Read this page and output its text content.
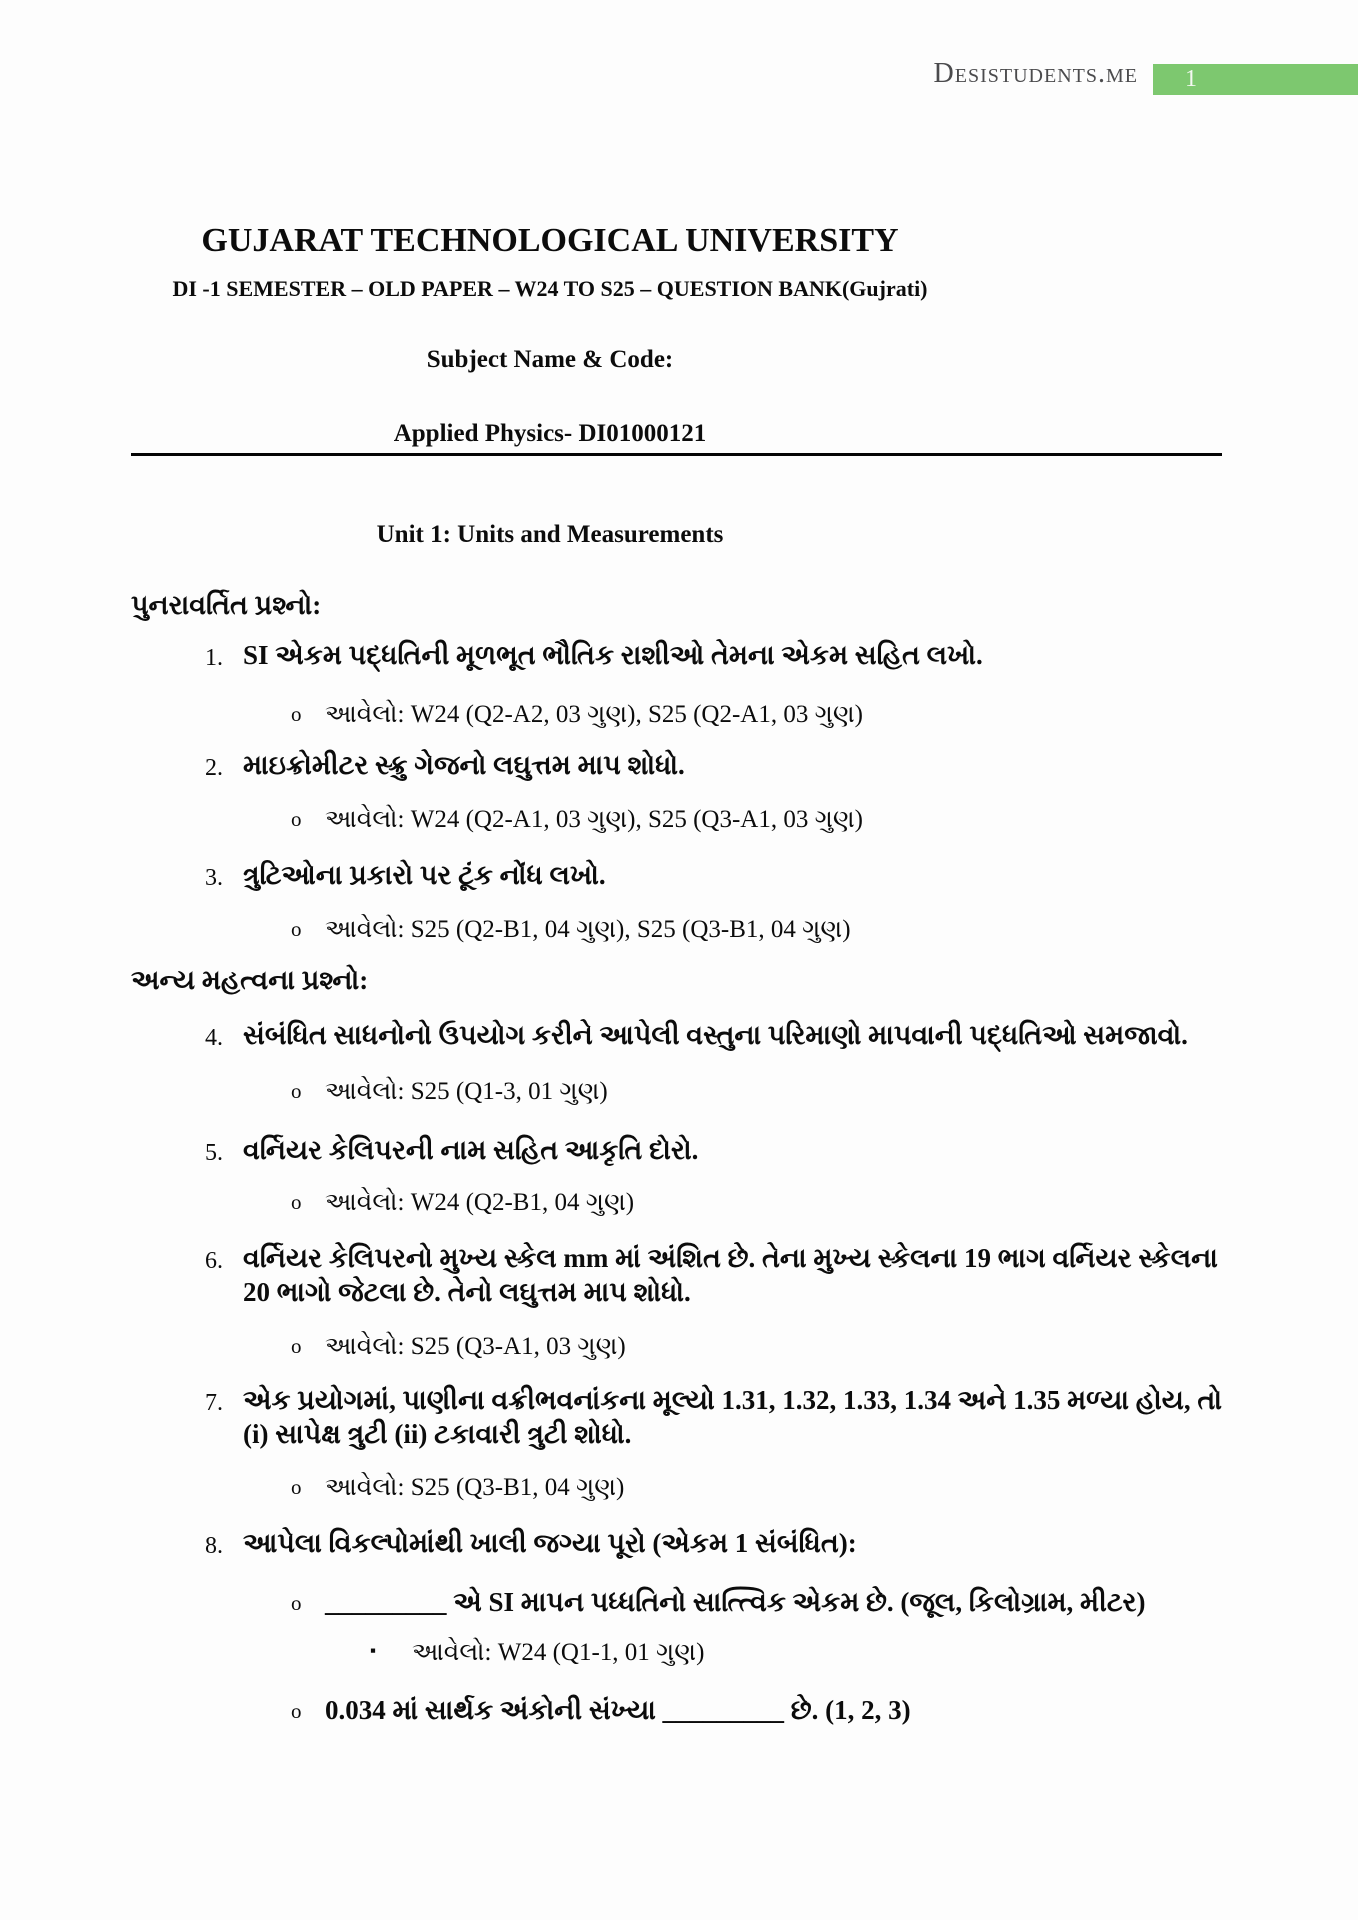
Desistudents.me	1
GUJARAT TECHNOLOGICAL UNIVERSITY
DI -1 SEMESTER – OLD PAPER – W24 TO S25 – QUESTION BANK(Gujrati)
Subject Name & Code:
Applied Physics- DI01000121
Unit 1: Units and Measurements
પુનરાવર્તિત પ્રશ્નો:
1. SI એકમ પદ્ધતિની મૂળભૂત ભૌતિક રાશીઓ તેમના એકમ સહિત લખો.
o આવેલો: W24 (Q2-A2, 03 ગુણ), S25 (Q2-A1, 03 ગુણ)
2. માઇક્રોમીટર સ્ક્રુ ગેજનો લઘુત્તમ માપ શોધો.
o આવેલો: W24 (Q2-A1, 03 ગુણ), S25 (Q3-A1, 03 ગુણ)
3. ત્રુટિઓના પ્રકારો પર ટૂંક નોંધ લખો.
o આવેલો: S25 (Q2-B1, 04 ગુણ), S25 (Q3-B1, 04 ગુણ)
અન્ય મહત્વના પ્રશ્નો:
4. સંબંધિત સાધનોનો ઉપયોગ કરીને આપેલી વસ્તુના પરિમાણો માપવાની પદ્ધતિઓ સમજાવો.
o આવેલો: S25 (Q1-3, 01 ગુણ)
5. વર્નિયર કેલિપરની નામ સહિત આકૃતિ દોરો.
o આવેલો: W24 (Q2-B1, 04 ગુણ)
6. વર્નિયર કેલિપરનો મુખ્ય સ્કેલ mm માં અંશિત છે. તેના મુખ્ય સ્કેલના 19 ભાગ વર્નિયર સ્કેલના 20 ભાગો જેટલા છે. તેનો લઘુત્તમ માપ શોધો.
o આવેલો: S25 (Q3-A1, 03 ગુણ)
7. એક પ્રયોગમાં, પાણીના વક્રીભવનાંકના મૂલ્યો 1.31, 1.32, 1.33, 1.34 અને 1.35 મળ્યા હોય, તો (i) સાપેક્ષ ત્રુટી (ii) ટકાવારી ત્રુટી શોધો.
o આવેલો: S25 (Q3-B1, 04 ગુણ)
8. આપેલા વિકલ્પોમાંથી ખાલી જગ્યા પૂરો (એકમ 1 સંબંધિત):
o _________ એ SI માપન પધ્ધતિનો સાત્ત્વિક એકમ છે. (જૂલ, કિલોગ્રામ, મીટર)
▪ આવેલો: W24 (Q1-1, 01 ગુણ)
o 0.034 માં સાર્થક અંકોની સંખ્યા _________ છે. (1, 2, 3)
